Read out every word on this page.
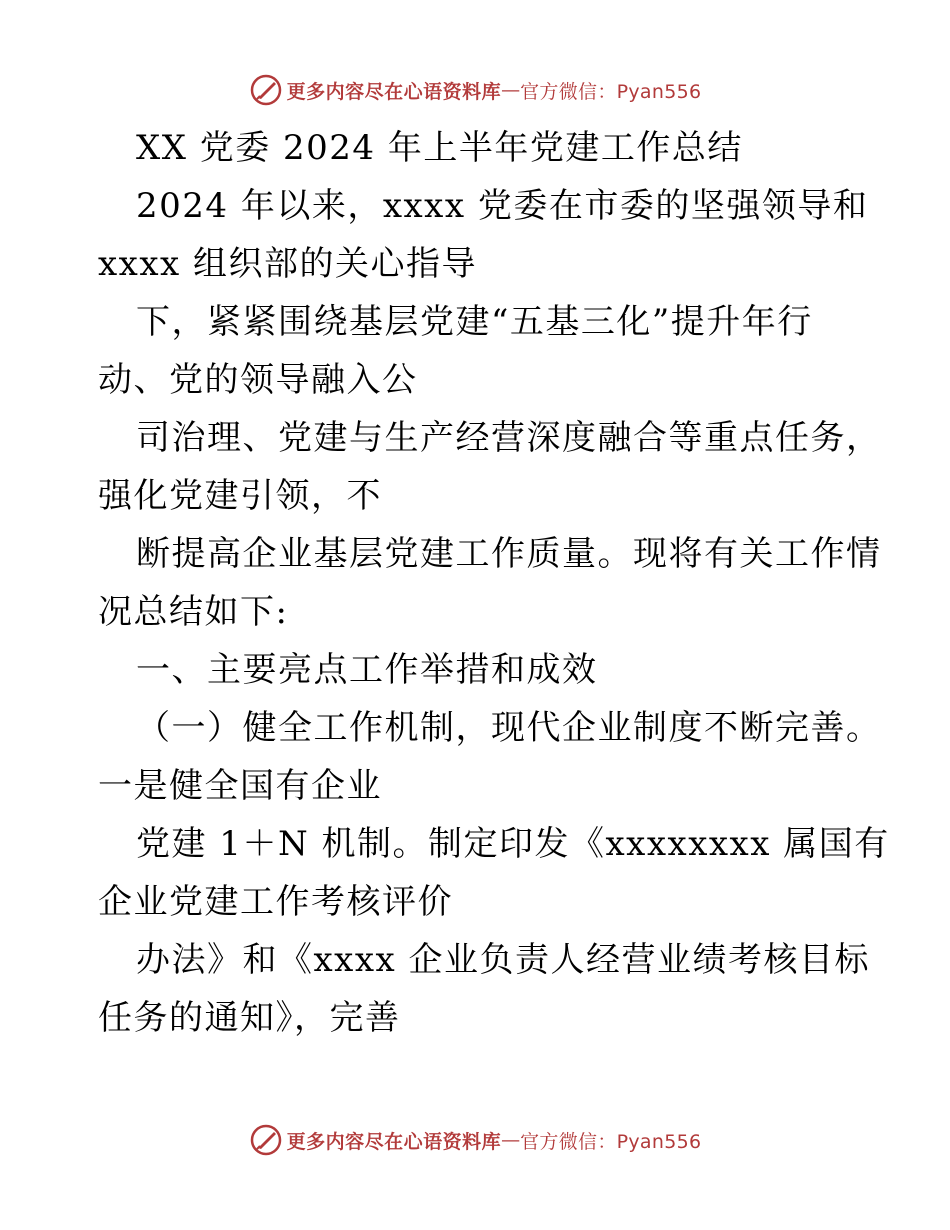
更多内容尽在心语资料库 — 官方微信：Pyan556
XX 党委 2024 年上半年党建工作总结
2024 年以来，xxxx 党委在市委的坚强领导和
xxxx 组织部的关心指导
下，紧紧围绕基层党建“五基三化”提升年行
动、党的领导融入公
司治理、党建与生产经营深度融合等重点任务，
强化党建引领，不
断提高企业基层党建工作质量。现将有关工作情
况总结如下:
一、主要亮点工作举措和成效
（一）健全工作机制，现代企业制度不断完善。
一是健全国有企业
党建 1＋N 机制。制定印发《xxxxxxxx 属国有
企业党建工作考核评价
办法》和《xxxx 企业负责人经营业绩考核目标
任务的通知》，完善
更多内容尽在心语资料库 — 官方微信：Pyan556
